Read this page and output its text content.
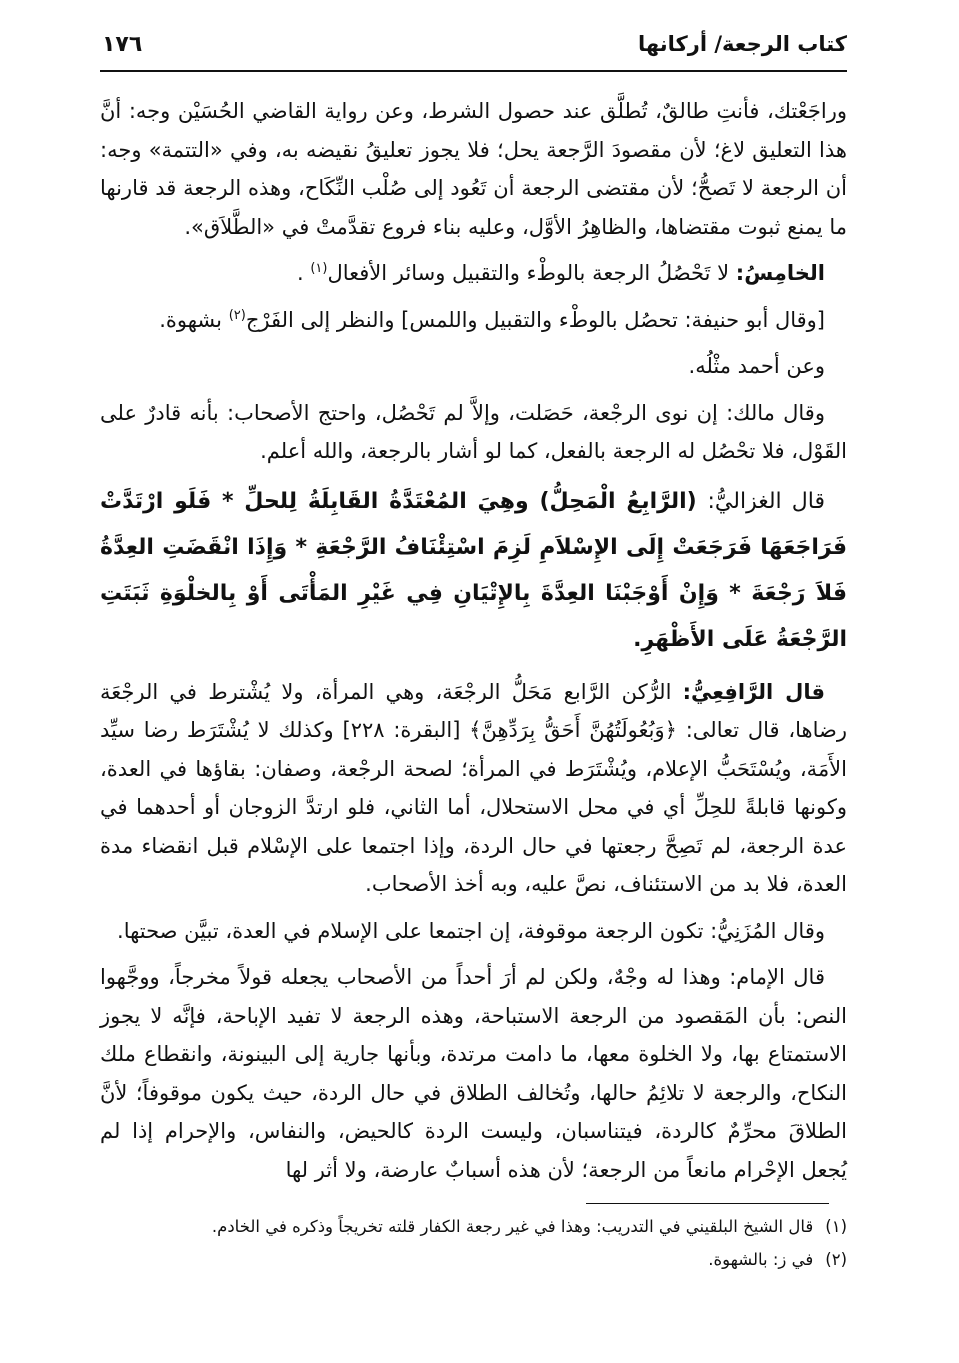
كتاب الرجعة/ أركانها
١٧٦

وراجَعْتك، فأنتِ طالقٌ، تُطلَّق عند حصول الشرط، وعن رواية القاضي الحُسَيْن وجه: أنَّ هذا التعليق لاغ؛ لأن مقصودَ الرَّجعة يحل؛ فلا يجوز تعليقُ نقيضه به، وفي «التتمة» وجه: أن الرجعة لا تَصحُّ؛ لأن مقتضى الرجعة أن تَعُود إلى صُلْب النِّكَاح، وهذه الرجعة قد قارنها ما يمنع ثبوت مقتضاها، والظاهِرُ الأوَّل، وعليه بناء فروع تقدَّمتْ في «الطَّلاَق».

الخامِسُ: لا تَحْصُلُ الرجعة بالوطْء والتقبيل وسائر الأفعال$^{(١)}$ .

[وقال أبو حنيفة: تحصُل بالوطْء والتقبيل واللمس] والنظر إلى الفَرْج$^{(٢)}$ بشهوة.

وعن أحمد مثْلُه.

وقال مالك: إن نوى الرجْعة، حَصَلت، وإلاَّ لم تَحْصُل، واحتج الأصحاب: بأنه قادرٌ على القَوْل، فلا تحْصُل له الرجعة بالفعل، كما لو أشار بالرجعة، والله أعلم.

قال الغزاليُّ: (الرَّابِعُ الْمَحِلُّ) وهِيَ المُعْتَدَّةُ القَابِلَةُ لِلحلِّ * فَلَو ارْتَدَّتْ فَرَاجَعَهَا فَرَجَعَتْ إِلَى الإِسْلاَمِ لَزِمَ اسْتِئْنَافُ الرَّجْعَةِ * وَإِذَا انْقَضَتِ العِدَّةُ فَلاَ رَجْعَةَ * وَإِنْ أَوْجَبْنَا العِدَّةَ بِالإِتْيَانِ فِي غَيْرِ المَأْتَى أَوْ بِالخلْوَةِ ثَبَتَتِ الرَّجْعَةُ عَلَى الأَظْهَرِ.

قال الرَّافِعِيُّ: الرُّكن الرَّابع مَحَلُّ الرجْعَة، وهي المرأة، ولا يُشْترط في الرجْعَة رضاها، قال تعالى: ﴿وَبُعُولَتُهُنَّ أَحَقُّ بِرَدِّهِنَّ﴾ [البقرة: ٢٢٨] وكذلك لا يُشْتَرَط رضا سيِّد الأَمَة، ويُسْتَحَبُّ الإعلام، ويُشْتَرَط في المرأة؛ لصحة الرجْعة، وصفان: بقاؤها في العدة، وكونها قابلةً للحِلِّ أي في محل الاستحلال، أما الثاني، فلو ارتدَّ الزوجان أو أحدهما في عدة الرجعة، لم تَصِحَّ رجعتها في حال الردة، وإذا اجتمعا على الإسْلام قبل انقضاء مدة العدة، فلا بد من الاستئناف، نصَّ عليه، وبه أخذ الأصحاب.

وقال المُزَنِيُّ: تكون الرجعة موقوفة، إن اجتمعا على الإسلام في العدة، تبيَّن صحتها.

قال الإمام: وهذا له وجْهٌ، ولكن لم أرَ أحداً من الأصحاب يجعله قولاً مخرجاً، ووجَّهوا النص: بأن المَقصود من الرجعة الاستباحة، وهذه الرجعة لا تفيد الإباحة، فإنَّه لا يجوز الاستمتاع بها، ولا الخلوة معها، ما دامت مرتدة، وبأنها جارية إلى البينونة، وانقطاع ملك النكاح، والرجعة لا تلائِمُ حالها، وتُخالف الطلاق في حال الردة، حيث يكون موقوفاً؛ لأنَّ الطلاقَ محرِّمٌ كالردة، فيتناسبان، وليست الردة كالحيض، والنفاس، والإحرام إذا لم يُجعل الإحْرام مانعاً من الرجعة؛ لأن هذه أسبابٌ عارضة، ولا أثر لها

(١)قال الشيخ البلقيني في التدريب: وهذا في غير رجعة الكفار قلته تخريجاً وذكره في الخادم.

(٢)في ز: بالشهوة.
